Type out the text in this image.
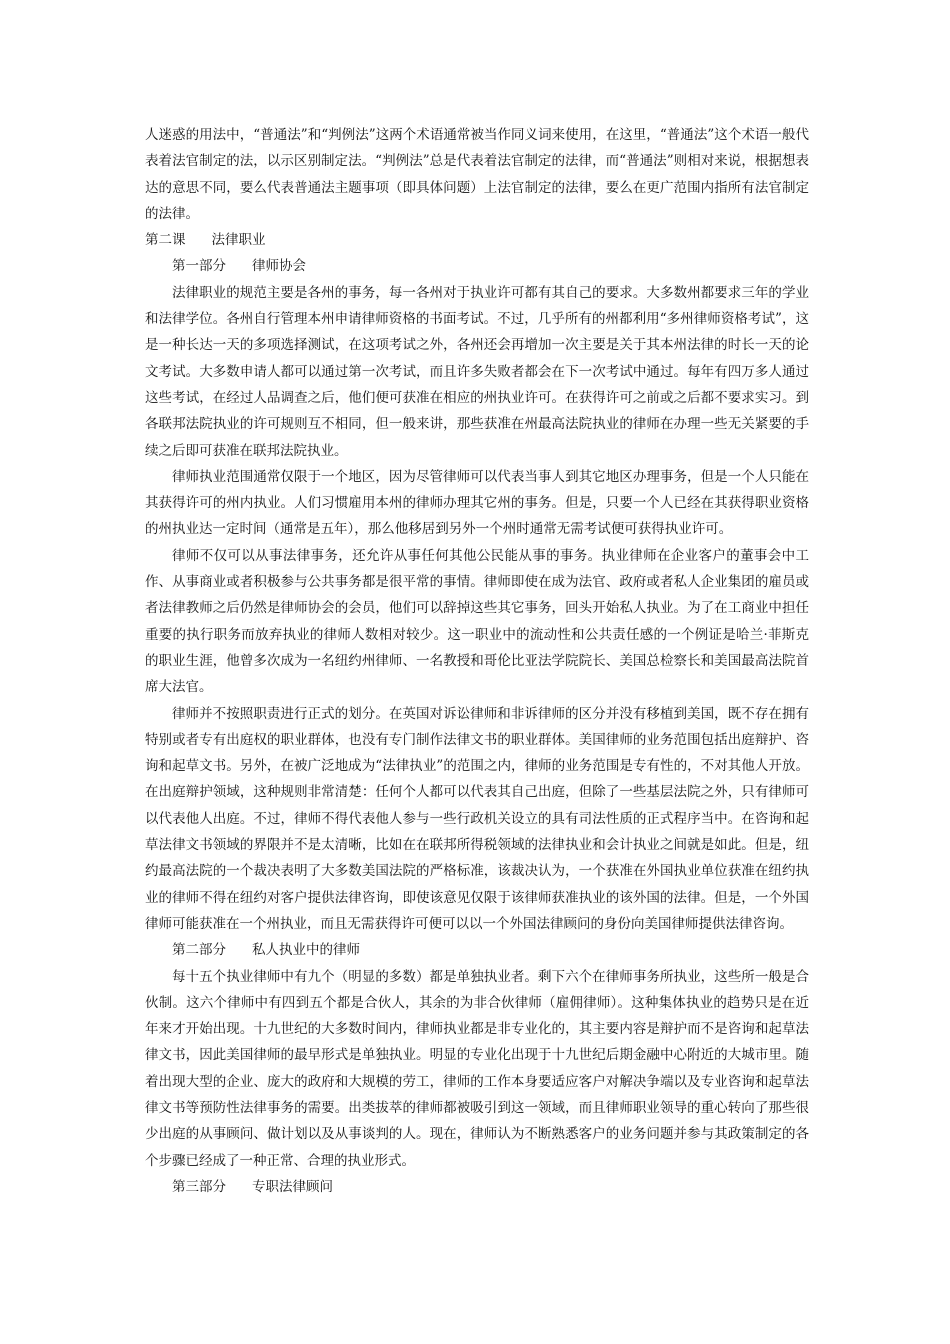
人迷惑的用法中，“普通法”和“判例法”这两个术语通常被当作同义词来使用，在这里，“普通法”这个术语一般代表着法官制定的法，以示区别制定法。“判例法”总是代表着法官制定的法律，而“普通法”则相对来说，根据想表达的意思不同，要么代表普通法主题事项（即具体问题）上法官制定的法律，要么在更广范围内指所有法官制定的法律。

第二课 法律职业

第一部分 律师协会

法律职业的规范主要是各州的事务，每一各州对于执业许可都有其自己的要求。大多数州都要求三年的学业和法律学位。各州自行管理本州申请律师资格的书面考试。不过，几乎所有的州都利用“多州律师资格考试”，这是一种长达一天的多项选择测试，在这项考试之外，各州还会再增加一次主要是关于其本州法律的时长一天的论文考试。大多数申请人都可以通过第一次考试，而且许多失败者都会在下一次考试中通过。每年有四万多人通过这些考试，在经过人品调查之后，他们便可获准在相应的州执业许可。在获得许可之前或之后都不要求实习。到各联邦法院执业的许可规则互不相同，但一般来讲，那些获准在州最高法院执业的律师在办理一些无关紧要的手续之后即可获准在联邦法院执业。

律师执业范围通常仅限于一个地区，因为尽管律师可以代表当事人到其它地区办理事务，但是一个人只能在其获得许可的州内执业。人们习惯雇用本州的律师办理其它州的事务。但是，只要一个人已经在其获得职业资格的州执业达一定时间（通常是五年），那么他移居到另外一个州时通常无需考试便可获得执业许可。

律师不仅可以从事法律事务，还允许从事任何其他公民能从事的事务。执业律师在企业客户的董事会中工作、从事商业或者积极参与公共事务都是很平常的事情。律师即使在成为法官、政府或者私人企业集团的雇员或者法律教师之后仍然是律师协会的会员，他们可以辞掉这些其它事务，回头开始私人执业。为了在工商业中担任重要的执行职务而放弃执业的律师人数相对较少。这一职业中的流动性和公共责任感的一个例证是哈兰·菲斯克的职业生涯，他曾多次成为一名纽约州律师、一名教授和哥伦比亚法学院院长、美国总检察长和美国最高法院首席大法官。

律师并不按照职责进行正式的划分。在英国对诉讼律师和非诉律师的区分并没有移植到美国，既不存在拥有特别或者专有出庭权的职业群体，也没有专门制作法律文书的职业群体。美国律师的业务范围包括出庭辩护、咨询和起草文书。另外，在被广泛地成为“法律执业”的范围之内，律师的业务范围是专有性的，不对其他人开放。在出庭辩护领域，这种规则非常清楚：任何个人都可以代表其自己出庭，但除了一些基层法院之外，只有律师可以代表他人出庭。不过，律师不得代表他人参与一些行政机关设立的具有司法性质的正式程序当中。在咨询和起草法律文书领域的界限并不是太清晰，比如在在联邦所得税领域的法律执业和会计执业之间就是如此。但是，纽约最高法院的一个裁决表明了大多数美国法院的严格标准，该裁决认为，一个获准在外国执业单位获准在纽约执业的律师不得在纽约对客户提供法律咨询，即使该意见仅限于该律师获准执业的该外国的法律。但是，一个外国律师可能获准在一个州执业，而且无需获得许可便可以以一个外国法律顾问的身份向美国律师提供法律咨询。

第二部分 私人执业中的律师

每十五个执业律师中有九个（明显的多数）都是单独执业者。剩下六个在律师事务所执业，这些所一般是合伙制。这六个律师中有四到五个都是合伙人，其余的为非合伙律师（雇佣律师）。这种集体执业的趋势只是在近年来才开始出现。十九世纪的大多数时间内，律师执业都是非专业化的，其主要内容是辩护而不是咨询和起草法律文书，因此美国律师的最早形式是单独执业。明显的专业化出现于十九世纪后期金融中心附近的大城市里。随着出现大型的企业、庞大的政府和大规模的劳工，律师的工作本身要适应客户对解决争端以及专业咨询和起草法律文书等预防性法律事务的需要。出类拔萃的律师都被吸引到这一领域，而且律师职业领导的重心转向了那些很少出庭的从事顾问、做计划以及从事谈判的人。现在，律师认为不断熟悉客户的业务问题并参与其政策制定的各个步骤已经成了一种正常、合理的执业形式。

第三部分 专职法律顾问
